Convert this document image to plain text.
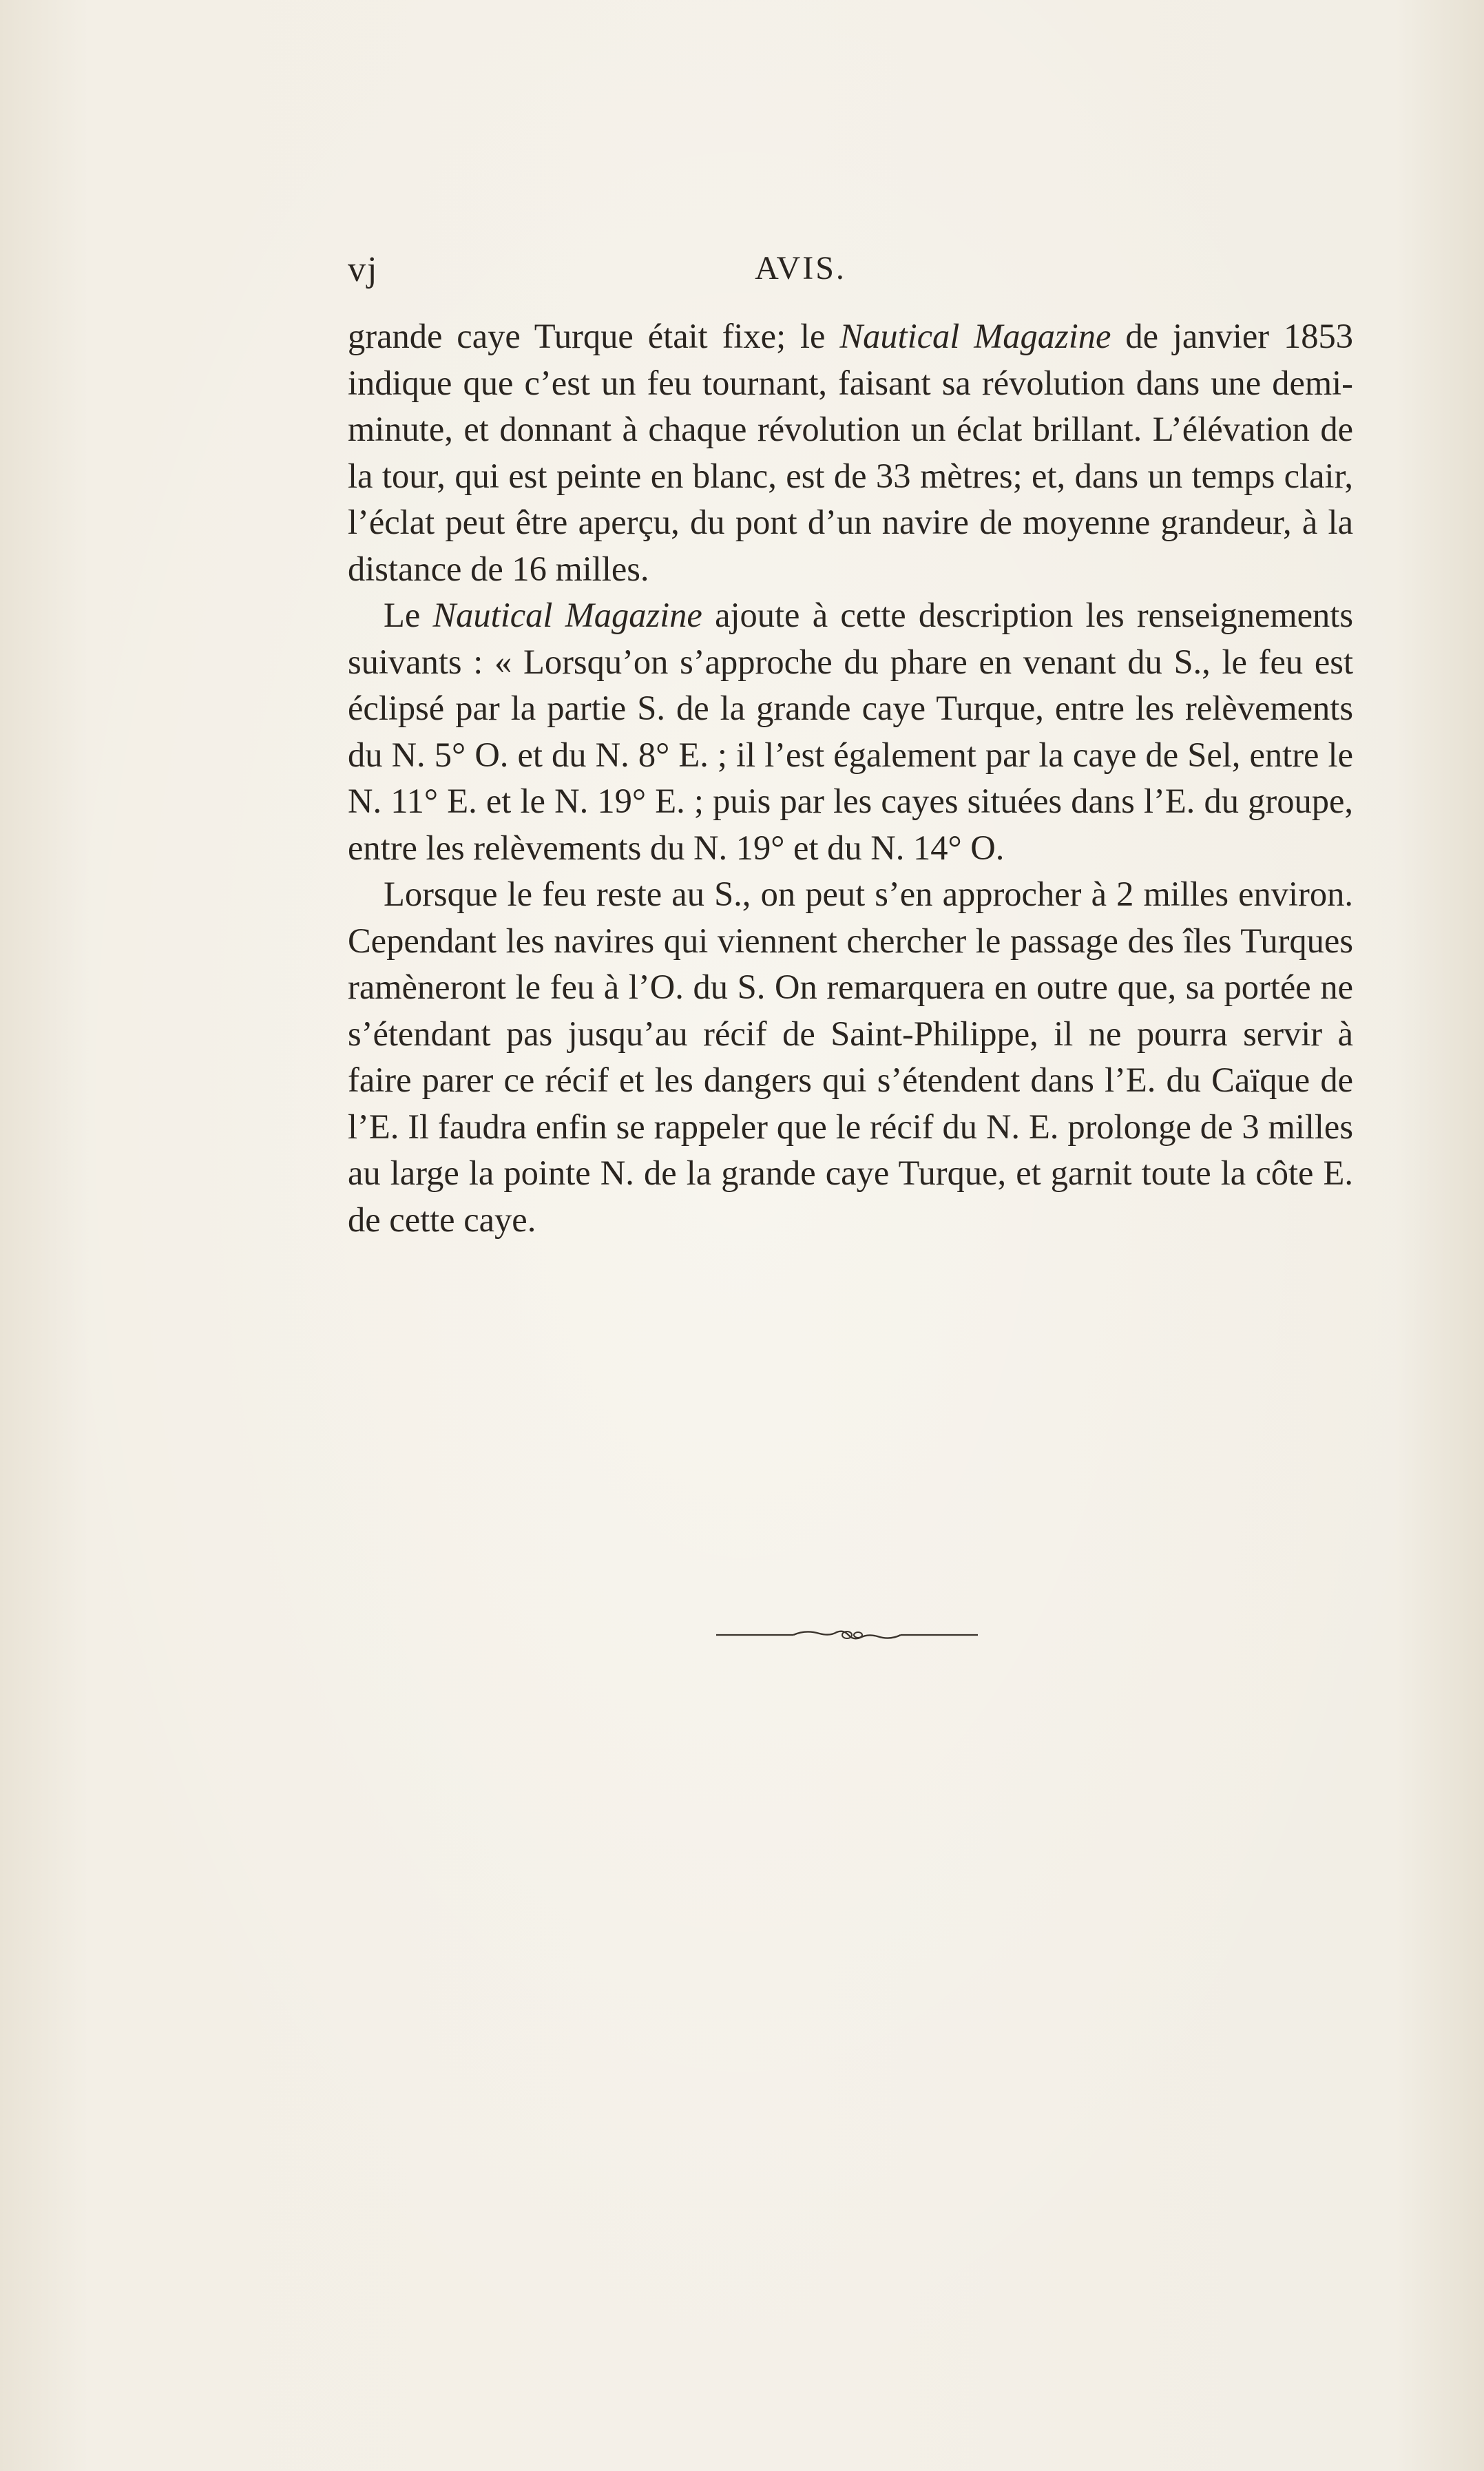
vj	AVIS.

grande caye Turque était fixe; le Nautical Magazine de janvier 1853 indique que c’est un feu tournant, faisant sa révolution dans une demi-minute, et donnant à chaque révolution un éclat brillant. L’élévation de la tour, qui est peinte en blanc, est de 33 mètres; et, dans un temps clair, l’éclat peut être aperçu, du pont d’un navire de moyenne grandeur, à la distance de 16 milles.

Le Nautical Magazine ajoute à cette description les renseignements suivants : « Lorsqu’on s’approche du phare en venant du S., le feu est éclipsé par la partie S. de la grande caye Turque, entre les relèvements du N. 5° O. et du N. 8° E. ; il l’est également par la caye de Sel, entre le N. 11° E. et le N. 19° E. ; puis par les cayes situées dans l’E. du groupe, entre les relèvements du N. 19° et du N. 14° O.

Lorsque le feu reste au S., on peut s’en approcher à 2 milles environ. Cependant les navires qui viennent chercher le passage des îles Turques ramèneront le feu à l’O. du S. On remarquera en outre que, sa portée ne s’étendant pas jusqu’au récif de Saint-Philippe, il ne pourra servir à faire parer ce récif et les dangers qui s’étendent dans l’E. du Caïque de l’E. Il faudra enfin se rappeler que le récif du N. E. prolonge de 3 milles au large la pointe N. de la grande caye Turque, et garnit toute la côte E. de cette caye.
